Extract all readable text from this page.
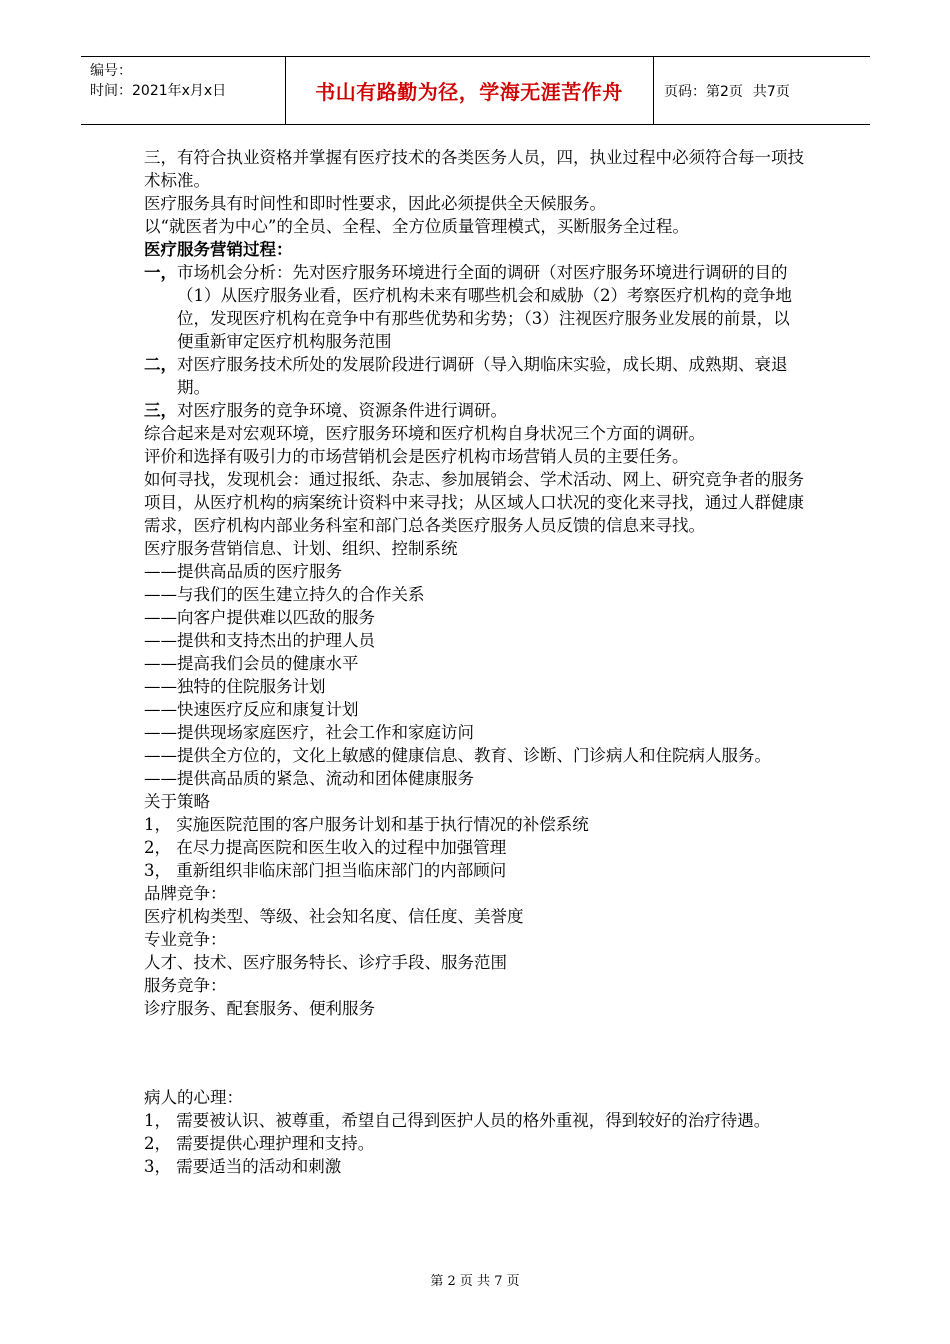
编号：
时间：2021年x月x日	书山有路勤为径，学海无涯苦作舟	页码：第2页 共7页

三，有符合执业资格并掌握有医疗技术的各类医务人员，四，执业过程中必须符合每一项技术标准。

医疗服务具有时间性和即时性要求，因此必须提供全天候服务。

以“就医者为中心”的全员、全程、全方位质量管理模式，买断服务全过程。

医疗服务营销过程：

一，市场机会分析：先对医疗服务环境进行全面的调研（对医疗服务环境进行调研的目的（1）从医疗服务业看，医疗机构未来有哪些机会和威胁（2）考察医疗机构的竞争地位，发现医疗机构在竞争中有那些优势和劣势；（3）注视医疗服务业发展的前景，以便重新审定医疗机构服务范围

二，对医疗服务技术所处的发展阶段进行调研（导入期临床实验，成长期、成熟期、衰退期。

三，对医疗服务的竞争环境、资源条件进行调研。

综合起来是对宏观环境，医疗服务环境和医疗机构自身状况三个方面的调研。

评价和选择有吸引力的市场营销机会是医疗机构市场营销人员的主要任务。

如何寻找，发现机会：通过报纸、杂志、参加展销会、学术活动、网上、研究竞争者的服务项目，从医疗机构的病案统计资料中来寻找；从区域人口状况的变化来寻找，通过人群健康需求，医疗机构内部业务科室和部门总各类医疗服务人员反馈的信息来寻找。

医疗服务营销信息、计划、组织、控制系统

——提供高品质的医疗服务

——与我们的医生建立持久的合作关系

——向客户提供难以匹敌的服务

——提供和支持杰出的护理人员

——提高我们会员的健康水平

——独特的住院服务计划

——快速医疗反应和康复计划

——提供现场家庭医疗，社会工作和家庭访问

——提供全方位的，文化上敏感的健康信息、教育、诊断、门诊病人和住院病人服务。

——提供高品质的紧急、流动和团体健康服务

关于策略

1， 实施医院范围的客户服务计划和基于执行情况的补偿系统

2， 在尽力提高医院和医生收入的过程中加强管理

3， 重新组织非临床部门担当临床部门的内部顾问

品牌竞争：

医疗机构类型、等级、社会知名度、信任度、美誉度

专业竞争：

人才、技术、医疗服务特长、诊疗手段、服务范围

服务竞争：

诊疗服务、配套服务、便利服务

病人的心理：

1， 需要被认识、被尊重，希望自己得到医护人员的格外重视，得到较好的治疗待遇。

2， 需要提供心理护理和支持。

3， 需要适当的活动和刺激

第 2 页 共 7 页
